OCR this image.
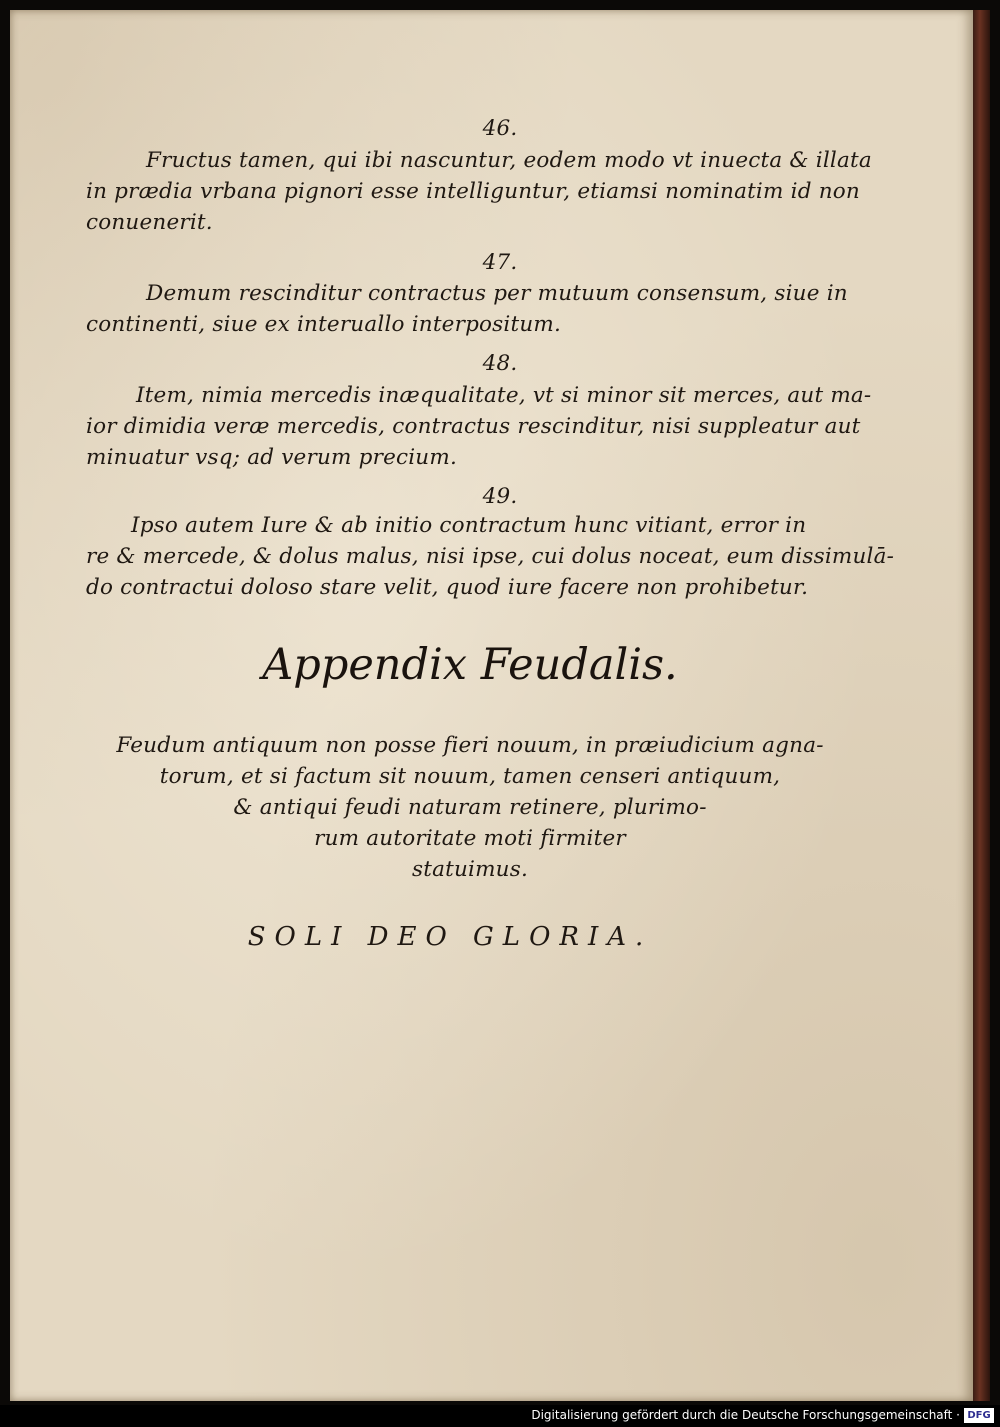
46.
Fructus tamen, qui ibi nascuntur, eodem modo vt inuecta & illata
in prædia vrbana pignori esse intelliguntur, etiamsi nominatim id non
conuenerit.
47.
Demum rescinditur contractus per mutuum consensum, siue in
continenti, siue ex interuallo interpositum.
48.
Item, nimia mercedis inæqualitate, vt si minor sit merces, aut ma-
ior dimidia veræ mercedis, contractus rescinditur, nisi suppleatur aut
minuatur vsq; ad verum precium.
49.
Ipso autem Iure & ab initio contractum hunc vitiant, error in
re & mercede, & dolus malus, nisi ipse, cui dolus noceat, eum dissimulā-
do contractui doloso stare velit, quod iure facere non prohibetur.
Appendix Feudalis.
Feudum antiquum non posse fieri nouum, in præiudicium agna-
torum, et si factum sit nouum, tamen censeri antiquum,
& antiqui feudi naturam retinere, plurimo-
rum autoritate moti firmiter
statuimus.
SOLI DEO GLORIA.
Digitalisierung gefördert durch die Deutsche Forschungsgemeinschaft · DFG
